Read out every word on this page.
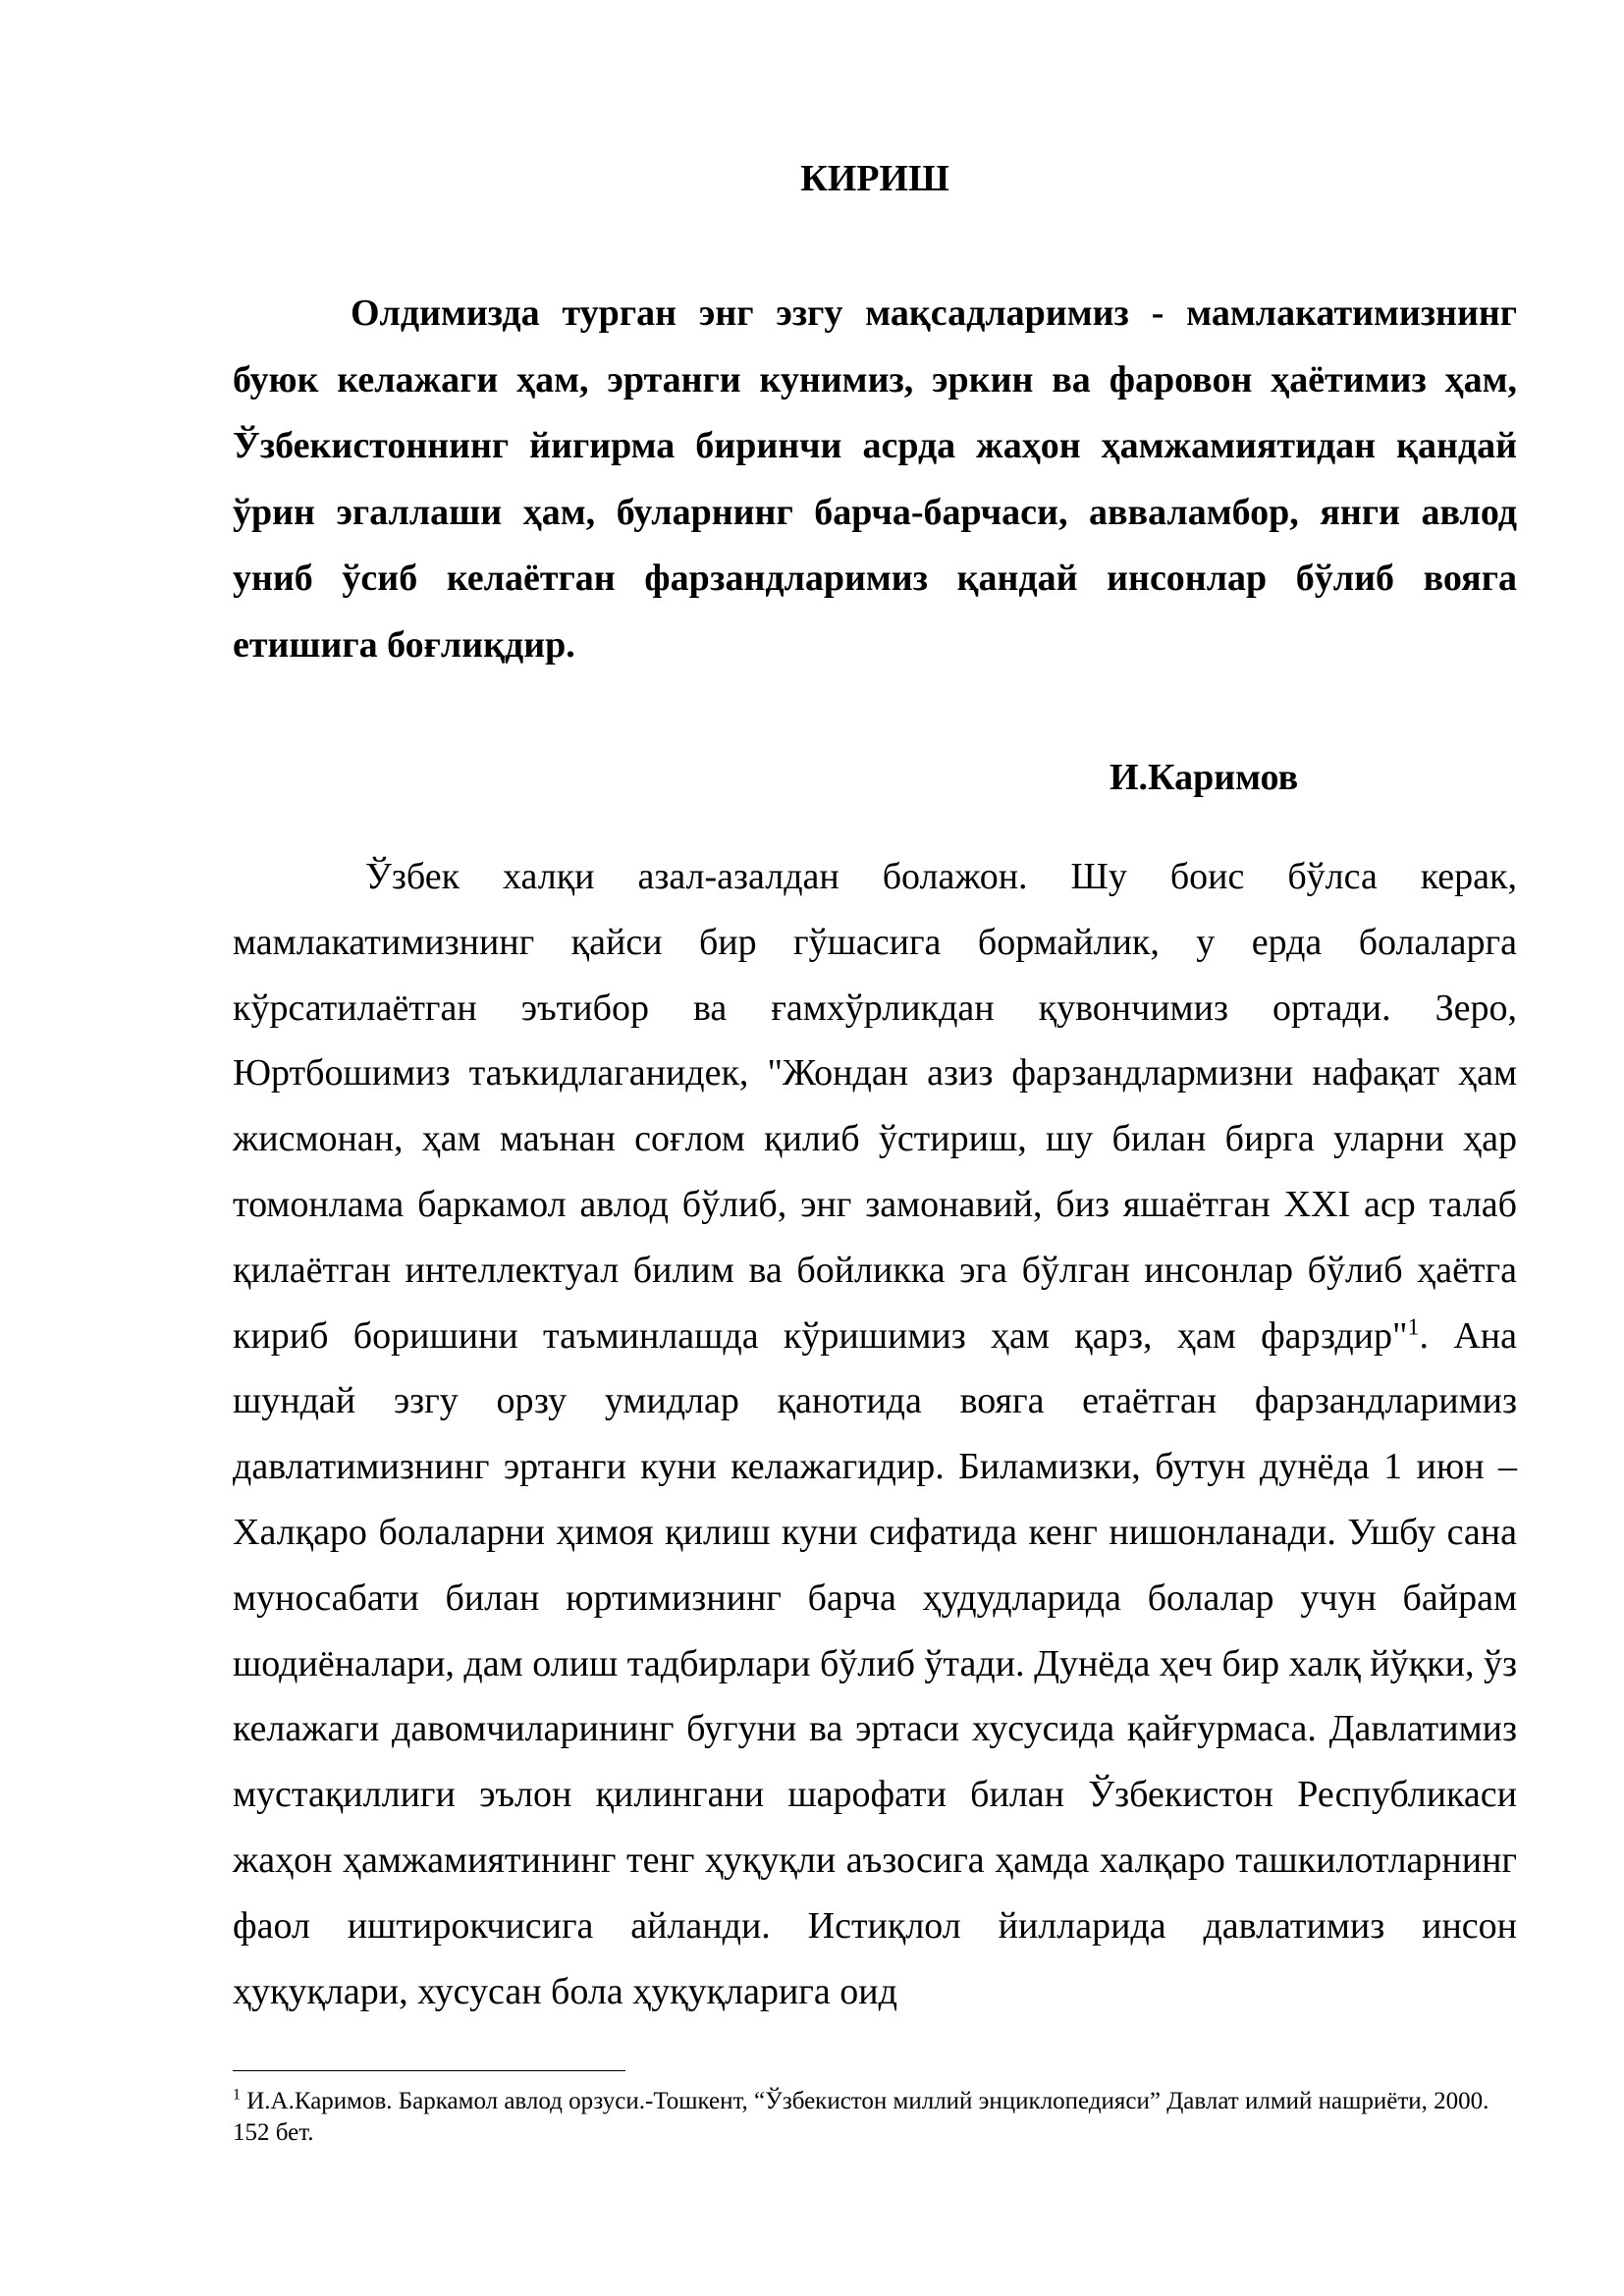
КИРИШ

Олдимизда турган энг эзгу мақсадларимиз - мамлакатимизнинг буюк келажаги ҳам, эртанги кунимиз, эркин ва фаровон ҳаётимиз ҳам, Ўзбекистоннинг йигирма биринчи асрда жаҳон ҳамжамиятидан қандай ўрин эгаллаши ҳам, буларнинг барча-барчаси, аввалaмбор, янги авлод униб ўсиб келаётган фарзандларимиз қандай инсонлар бўлиб вояга етишига боғлиқдир.

И.Каримов

Ўзбек халқи азал-азалдан болажон. Шу боис бўлса керак, мамлакатимизнинг қайси бир гўшасига бормайлик, у ерда болаларга кўрсатилаётган эътибор ва ғамхўрликдан қувончимиз ортади. Зеро, Юртбошимиз таъкидлаганидек, "Жондан азиз фарзандлармизни нафақат ҳам жисмонан, ҳам маънан соғлом қилиб ўстириш, шу билан бирга уларни ҳар томонлама баркамол авлод бўлиб, энг замонавий, биз яшаётган XXI аср талаб қилаётган интеллектуал билим ва бойликка эга бўлган инсонлар бўлиб ҳаётга кириб боришини таъминлашда кўришимиз ҳам қарз, ҳам фарздир"$^1$. Ана шундай эзгу орзу умидлар қанотида вояга етаётган фарзандларимиз давлатимизнинг эртанги куни келажагидир. Биламизки, бутун дунёда 1 июн – Халқаро болаларни ҳимоя қилиш куни сифатида кенг нишонланади. Ушбу сана муносабати билан юртимизнинг барча ҳудудларида болалар учун байрам шодиёналари, дам олиш тадбирлари бўлиб ўтади. Дунёда ҳеч бир халқ йўқки, ўз келажаги давомчиларининг бугуни ва эртаси хусусида қайғурмаса. Давлатимиз мустақиллиги эълон қилингани шарофати билан Ўзбекистон Республикаси жаҳон ҳамжамиятининг тенг ҳуқуқли аъзосига ҳамда халқаро ташкилотларнинг фаол иштирокчисига айланди. Истиқлол йилларида давлатимиз инсон ҳуқуқлари, хусусан бола ҳуқуқларига оид

$^1$ И.А.Каримов. Баркамол авлод орзуси.-Тошкент, “Ўзбекистон миллий энциклопедияси” Давлат илмий нашриёти, 2000. 152 бет.
